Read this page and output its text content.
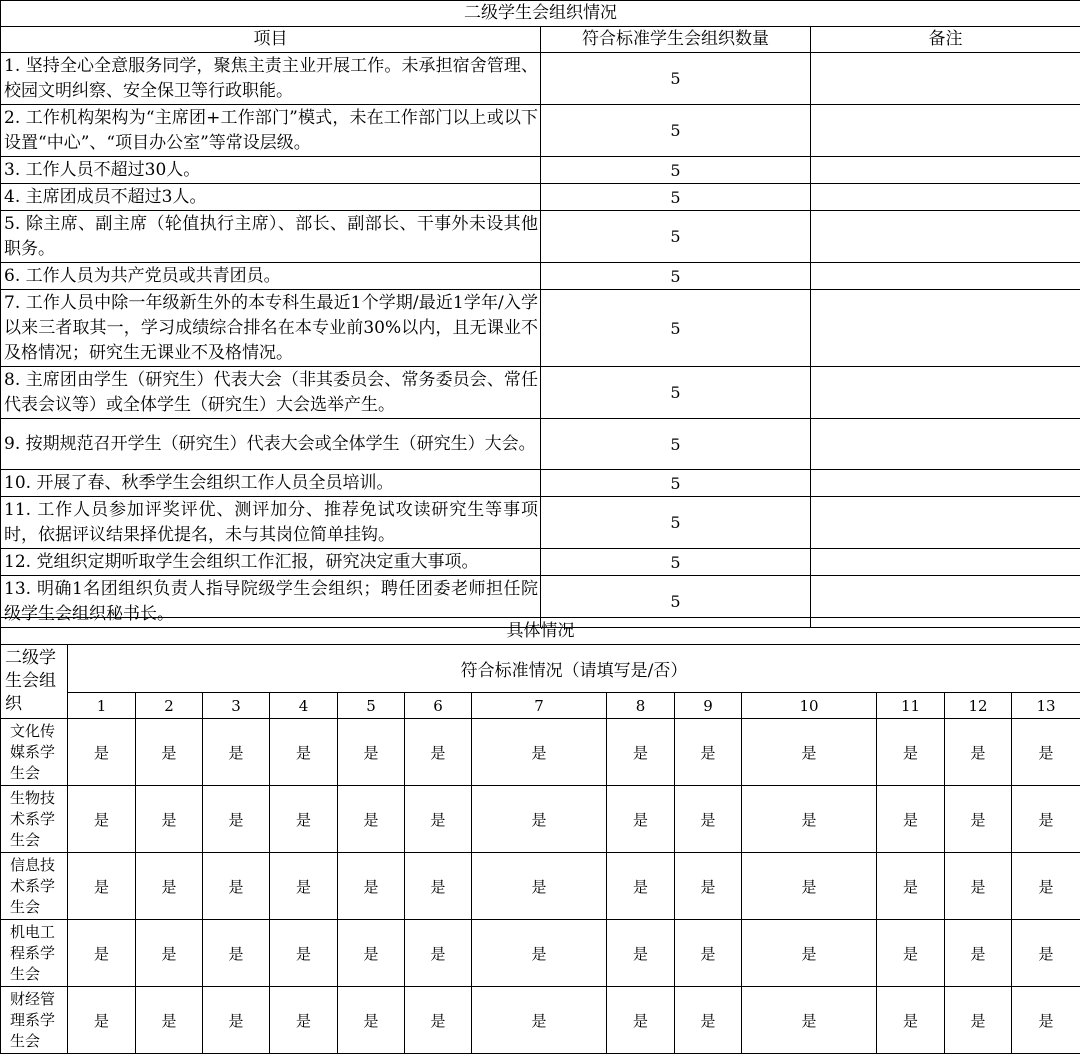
二级学生会组织情况		
项目	符合标准学生会组织数量	备注
1. 坚持全心全意服务同学，聚焦主责主业开展工作。未承担宿舍管理、校园文明纠察、安全保卫等行政职能。	5	
2. 工作机构架构为“主席团+工作部门”模式，未在工作部门以上或以下设置“中心”、“项目办公室”等常设层级。	5	
3. 工作人员不超过30人。	5	
4. 主席团成员不超过3人。	5	
5. 除主席、副主席（轮值执行主席）、部长、副部长、干事外未设其他职务。	5	
6. 工作人员为共产党员或共青团员。	5	
7. 工作人员中除一年级新生外的本专科生最近1个学期/最近1学年/入学以来三者取其一，学习成绩综合排名在本专业前30%以内，且无课业不及格情况；研究生无课业不及格情况。	5	
8. 主席团由学生（研究生）代表大会（非其委员会、常务委员会、常任代表会议等）或全体学生（研究生）大会选举产生。	5	
9. 按期规范召开学生（研究生）代表大会或全体学生（研究生）大会。	5	
10. 开展了春、秋季学生会组织工作人员全员培训。	5	
11. 工作人员参加评奖评优、测评加分、推荐免试攻读研究生等事项时，依据评议结果择优提名，未与其岗位简单挂钩。	5	
12. 党组织定期听取学生会组织工作汇报，研究决定重大事项。	5	
13. 明确1名团组织负责人指导院级学生会组织；聘任团委老师担任院级学生会组织秘书长。	5	
具体情况													
二级学生会组织	符合标准情况（请填写是/否）												
	1	2	3	4	5	6	7	8	9	10	11	12	13
文化传媒系学生会	是	是	是	是	是	是	是	是	是	是	是	是	是
生物技术系学生会	是	是	是	是	是	是	是	是	是	是	是	是	是
信息技术系学生会	是	是	是	是	是	是	是	是	是	是	是	是	是
机电工程系学生会	是	是	是	是	是	是	是	是	是	是	是	是	是
财经管理系学生会	是	是	是	是	是	是	是	是	是	是	是	是	是
